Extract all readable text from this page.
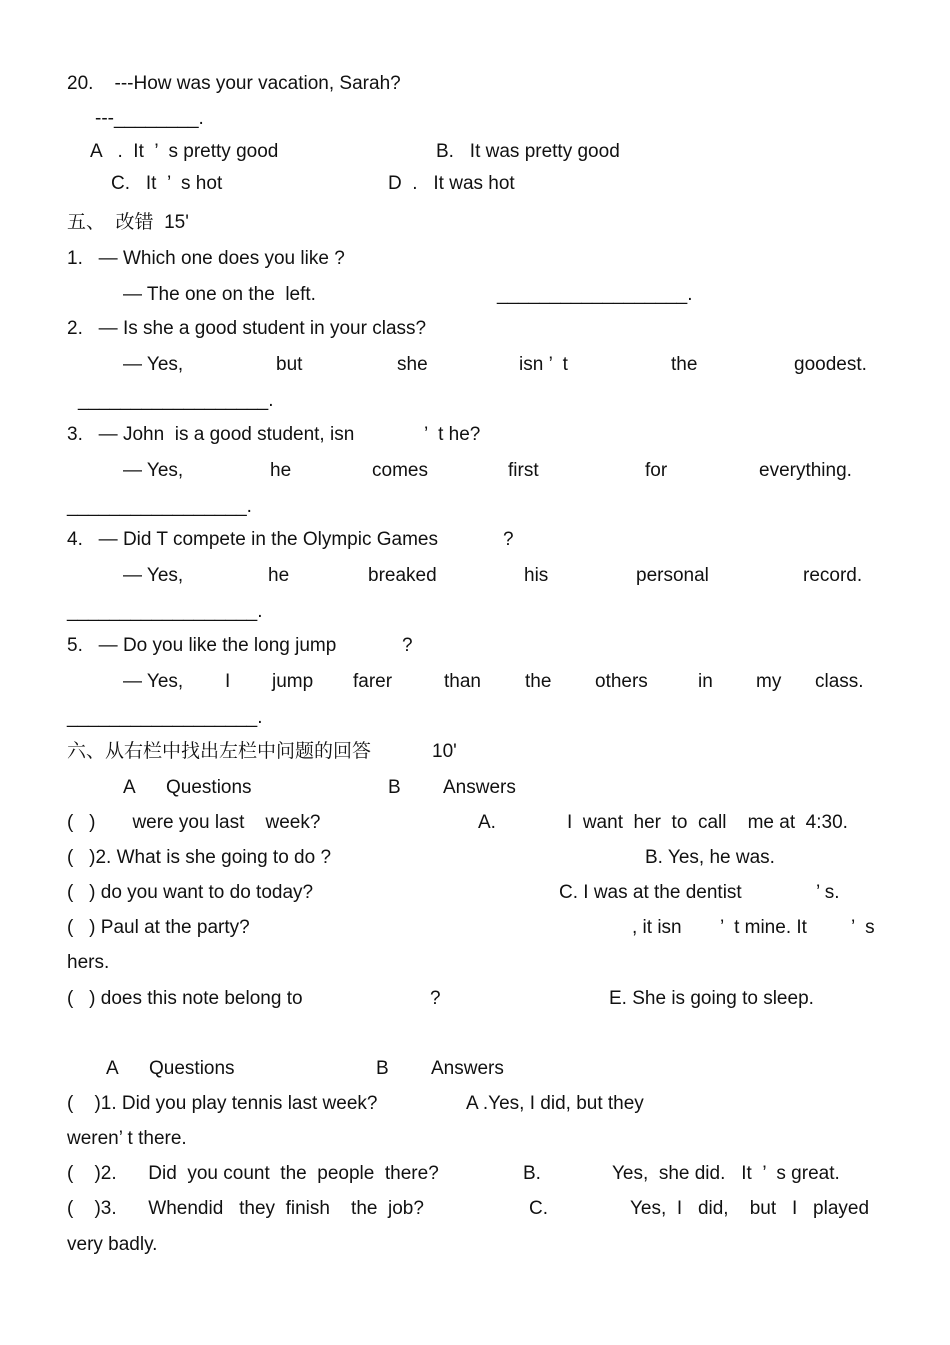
20.    ---How was your vacation, Sarah?
---________.
A   .  It  ’  s pretty good	B.   It was pretty good
C.   It  ’  s hot	D  .   It was hot
五、  改错  15'
1.   — Which one does you like ?
— The one on the  left.	__________________.
2.   — Is she a good student in your class?
— Yes,	but	she	isn ’  t	the	goodest.
__________________.
3.   — John  is a good student, isn	’  t he?
— Yes,	he	comes	first	for	everything.
_________________.
4.   — Did T compete in the Olympic Games	?
— Yes,	he	breaked	his	personal	record.
__________________.
5.   — Do you like the long jump	?
— Yes, I jump farer	than the others	in my class.
__________________.
六、从右栏中找出左栏中问题的回答	10'
A Questions	B Answers
(   )       were you last    week?	A.	I  want  her  to  call    me at  4:30.
(   )2. What is she going to do ?	B. Yes, he was.
(   ) do you want to do today?	C. I was at the dentist	’ s.
(   ) Paul at the party?	, it isn ’  t mine. It ’  s
hers.
(   ) does this note belong to	?	E. She is going to sleep.
A Questions	B Answers
(    )1. Did you play tennis last week?	A .Yes, I did, but they
weren’ t there.
(    )2.      Did  you count  the  people  there?	B.	Yes,  she did.   It  ’  s great.
(    )3.      Whendid   they  finish    the  job?	C.	Yes,  I   did,    but   I   played
very badly.
